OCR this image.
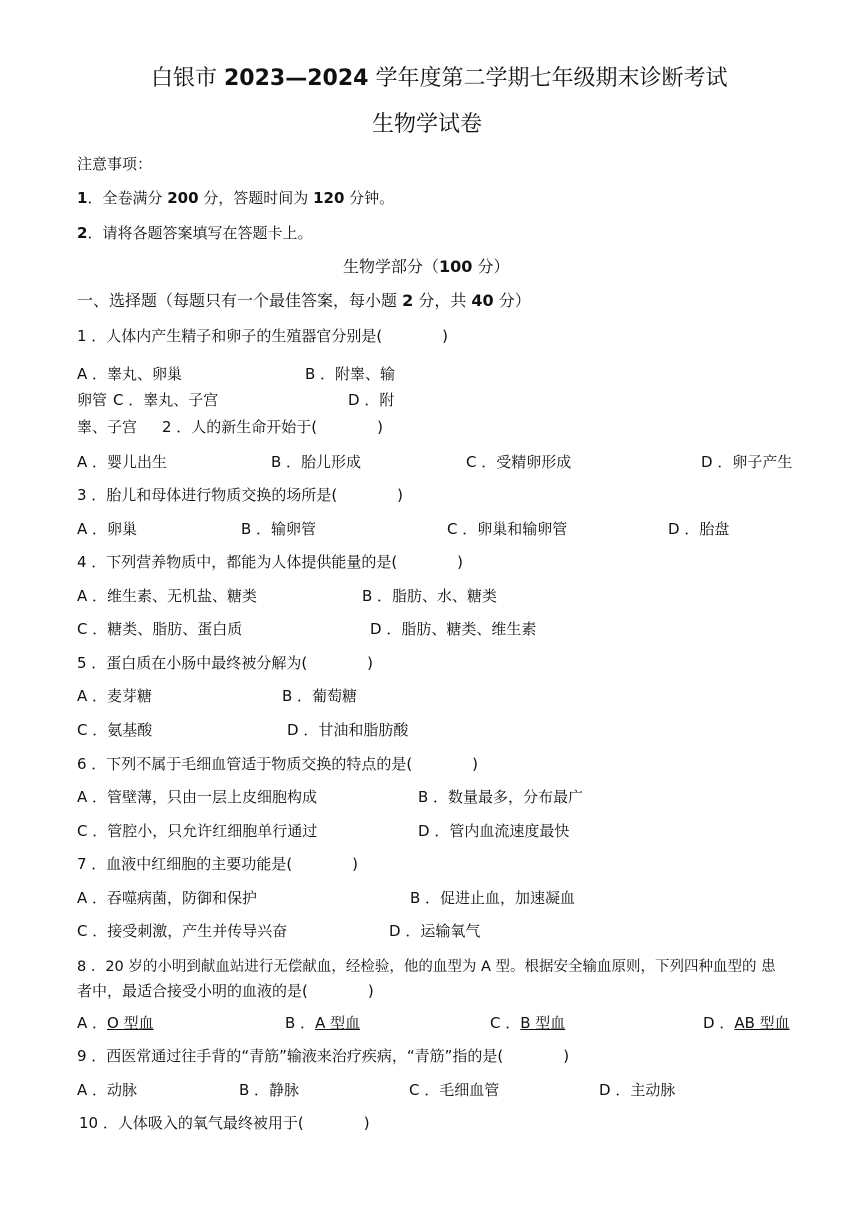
白银市 2023—2024 学年度第二学期七年级期末诊断考试
生物学试卷
注意事项：
1．全卷满分 200 分，答题时间为 120 分钟。
2．请将各题答案填写在答题卡上。
生物学部分（100 分）
一、选择题（每题只有一个最佳答案，每小题 2 分，共 40 分）
1 ．人体内产生精子和卵子的生殖器官分别是(　　　　)
A ．睾丸、卵巢	B ．附睾、输
卵管 C ．睾丸、子宫	D ．附
睾、子宫 2 ．人的新生命开始于(　　　　)
A ．婴儿出生	B ．胎儿形成	C ．受精卵形成	D ．卵子产生
3 ．胎儿和母体进行物质交换的场所是(　　　　)
A ．卵巢	B ．输卵管	C ．卵巢和输卵管	D ．胎盘
4 ．下列营养物质中，都能为人体提供能量的是(　　　　)
A ．维生素、无机盐、糖类	B ．脂肪、水、糖类
C ．糖类、脂肪、蛋白质	D ．脂肪、糖类、维生素
5 ．蛋白质在小肠中最终被分解为(　　　　)
A ．麦芽糖	B ．葡萄糖
C ．氨基酸	D ．甘油和脂肪酸
6 ．下列不属于毛细血管适于物质交换的特点的是(　　　　)
A ．管壁薄，只由一层上皮细胞构成	B ．数量最多，分布最广
C ．管腔小，只允许红细胞单行通过	D ．管内血流速度最快
7 ．血液中红细胞的主要功能是(　　　　)
A ．吞噬病菌，防御和保护	B ．促进止血，加速凝血
C ．接受刺激，产生并传导兴奋	D ．运输氧气
8 ．20 岁的小明到献血站进行无偿献血，经检验，他的血型为 A 型。根据安全输血原则，下列四种血型的 患
者中，最适合接受小明的血液的是(　　　　)
A ．O 型血	B ．A 型血	C ．B 型血	D ．AB 型血
9 ．西医常通过往手背的“青筋”输液来治疗疾病，“青筋”指的是(　　　　)
A ．动脉	B ．静脉	C ．毛细血管	D ．主动脉
10 ．人体吸入的氧气最终被用于(　　　　)
